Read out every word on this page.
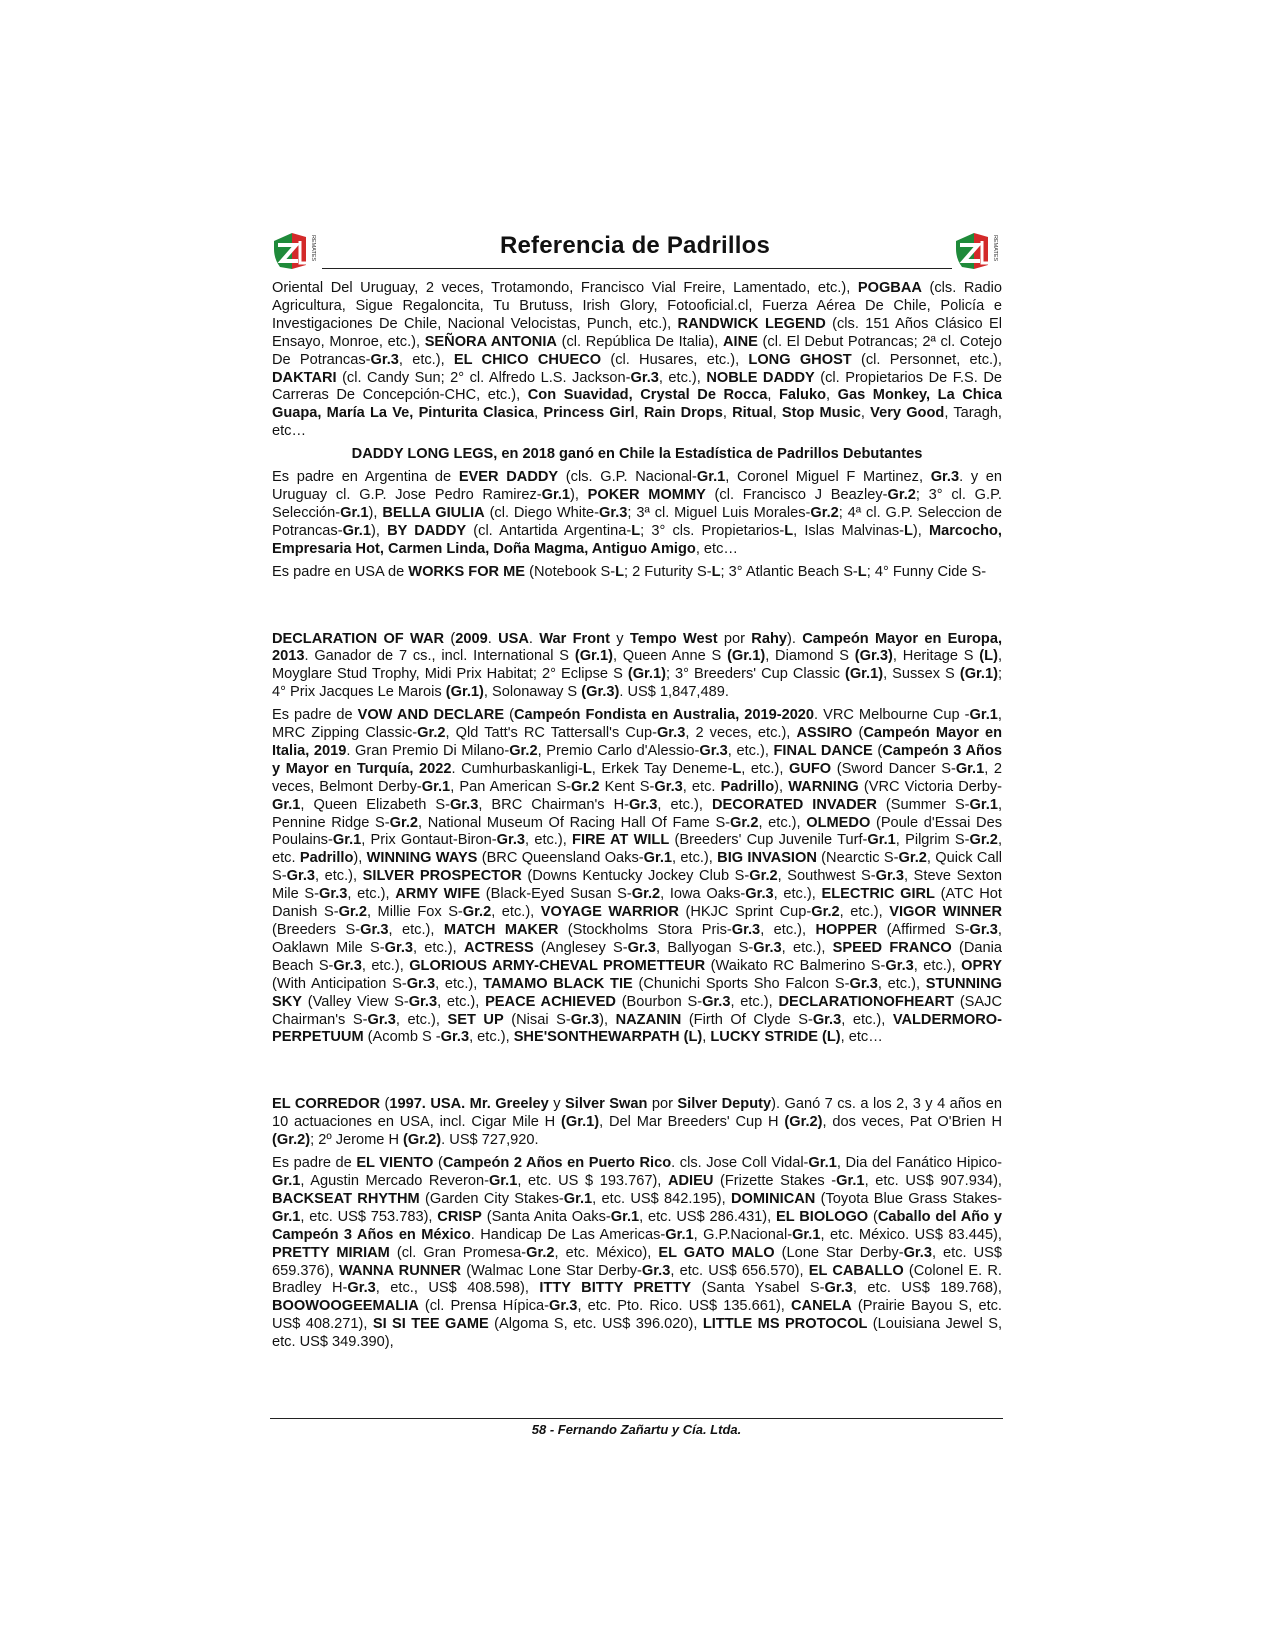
REMATES	Referencia de Padrillos	REMATES

Oriental Del Uruguay, 2 veces, Trotamondo, Francisco Vial Freire, Lamentado, etc.), POGBAA (cls. Radio Agricultura, Sigue Regaloncita, Tu Brutuss, Irish Glory, Fotooficial.cl, Fuerza Aérea De Chile, Policía e Investigaciones De Chile, Nacional Velocistas, Punch, etc.), RANDWICK LEGEND (cls. 151 Años Clásico El Ensayo, Monroe, etc.), SEÑORA ANTONIA (cl. República De Italia), AINE (cl. El Debut Potrancas; 2ª cl. Cotejo De Potrancas-Gr.3, etc.), EL CHICO CHUECO (cl. Husares, etc.), LONG GHOST (cl. Personnet, etc.), DAKTARI (cl. Candy Sun; 2° cl. Alfredo L.S. Jackson-Gr.3, etc.), NOBLE DADDY (cl. Propietarios De F.S. De Carreras De Concepción-CHC, etc.), Con Suavidad, Crystal De Rocca, Faluko, Gas Monkey, La Chica Guapa, María La Ve, Pinturita Clasica, Princess Girl, Rain Drops, Ritual, Stop Music, Very Good, Taragh, etc…

DADDY LONG LEGS, en 2018 ganó en Chile la Estadística de Padrillos Debutantes

Es padre en Argentina de EVER DADDY (cls. G.P. Nacional-Gr.1, Coronel Miguel F Martinez, Gr.3. y en Uruguay cl. G.P. Jose Pedro Ramirez-Gr.1), POKER MOMMY (cl. Francisco J Beazley-Gr.2; 3° cl. G.P. Selección-Gr.1), BELLA GIULIA (cl. Diego White-Gr.3; 3ª cl. Miguel Luis Morales-Gr.2; 4ª cl. G.P. Seleccion de Potrancas-Gr.1), BY DADDY (cl. Antartida Argentina-L; 3° cls. Propietarios-L, Islas Malvinas-L), Marcocho, Empresaria Hot, Carmen Linda, Doña Magma, Antiguo Amigo, etc…

Es padre en USA de WORKS FOR ME (Notebook S-L; 2 Futurity S-L; 3° Atlantic Beach S-L; 4° Funny Cide S-

DECLARATION OF WAR (2009. USA. War Front y Tempo West por Rahy). Campeón Mayor en Europa, 2013. Ganador de 7 cs., incl. International S (Gr.1), Queen Anne S (Gr.1), Diamond S (Gr.3), Heritage S (L), Moyglare Stud Trophy, Midi Prix Habitat; 2° Eclipse S (Gr.1); 3° Breeders' Cup Classic (Gr.1), Sussex S (Gr.1); 4° Prix Jacques Le Marois (Gr.1), Solonaway S (Gr.3). US$ 1,847,489.

Es padre de VOW AND DECLARE (Campeón Fondista en Australia, 2019-2020. VRC Melbourne Cup -Gr.1, MRC Zipping Classic-Gr.2, Qld Tatt's RC Tattersall's Cup-Gr.3, 2 veces, etc.), ASSIRO (Campeón Mayor en Italia, 2019. Gran Premio Di Milano-Gr.2, Premio Carlo d'Alessio-Gr.3, etc.), FINAL DANCE (Campeón 3 Años y Mayor en Turquía, 2022. Cumhurbaskanligi-L, Erkek Tay Deneme-L, etc.), GUFO (Sword Dancer S-Gr.1, 2 veces, Belmont Derby-Gr.1, Pan American S-Gr.2 Kent S-Gr.3, etc. Padrillo), WARNING (VRC Victoria Derby-Gr.1, Queen Elizabeth S-Gr.3, BRC Chairman's H-Gr.3, etc.), DECORATED INVADER (Summer S-Gr.1, Pennine Ridge S-Gr.2, National Museum Of Racing Hall Of Fame S-Gr.2, etc.), OLMEDO (Poule d'Essai Des Poulains-Gr.1, Prix Gontaut-Biron-Gr.3, etc.), FIRE AT WILL (Breeders' Cup Juvenile Turf-Gr.1, Pilgrim S-Gr.2, etc. Padrillo), WINNING WAYS (BRC Queensland Oaks-Gr.1, etc.), BIG INVASION (Nearctic S-Gr.2, Quick Call S-Gr.3, etc.), SILVER PROSPECTOR (Downs Kentucky Jockey Club S-Gr.2, Southwest S-Gr.3, Steve Sexton Mile S-Gr.3, etc.), ARMY WIFE (Black-Eyed Susan S-Gr.2, Iowa Oaks-Gr.3, etc.), ELECTRIC GIRL (ATC Hot Danish S-Gr.2, Millie Fox S-Gr.2, etc.), VOYAGE WARRIOR (HKJC Sprint Cup-Gr.2, etc.), VIGOR WINNER (Breeders S-Gr.3, etc.), MATCH MAKER (Stockholms Stora Pris-Gr.3, etc.), HOPPER (Affirmed S-Gr.3, Oaklawn Mile S-Gr.3, etc.), ACTRESS (Anglesey S-Gr.3, Ballyogan S-Gr.3, etc.), SPEED FRANCO (Dania Beach S-Gr.3, etc.), GLORIOUS ARMY-CHEVAL PROMETTEUR (Waikato RC Balmerino S-Gr.3, etc.), OPRY (With Anticipation S-Gr.3, etc.), TAMAMO BLACK TIE (Chunichi Sports Sho Falcon S-Gr.3, etc.), STUNNING SKY (Valley View S-Gr.3, etc.), PEACE ACHIEVED (Bourbon S-Gr.3, etc.), DECLARATIONOFHEART (SAJC Chairman's S-Gr.3, etc.), SET UP (Nisai S-Gr.3), NAZANIN (Firth Of Clyde S-Gr.3, etc.), VALDERMORO-PERPETUUM (Acomb S -Gr.3, etc.), SHE'SONTHEWARPATH (L), LUCKY STRIDE (L), etc…

EL CORREDOR (1997. USA. Mr. Greeley y Silver Swan por Silver Deputy). Ganó 7 cs. a los 2, 3 y 4 años en 10 actuaciones en USA, incl. Cigar Mile H (Gr.1), Del Mar Breeders' Cup H (Gr.2), dos veces, Pat O'Brien H (Gr.2); 2º Jerome H (Gr.2). US$ 727,920.

Es padre de EL VIENTO (Campeón 2 Años en Puerto Rico. cls. Jose Coll Vidal-Gr.1, Dia del Fanático Hipico-Gr.1, Agustin Mercado Reveron-Gr.1, etc. US $ 193.767), ADIEU (Frizette Stakes -Gr.1, etc. US$ 907.934), BACKSEAT RHYTHM (Garden City Stakes-Gr.1, etc. US$ 842.195), DOMINICAN (Toyota Blue Grass Stakes-Gr.1, etc. US$ 753.783), CRISP (Santa Anita Oaks-Gr.1, etc. US$ 286.431), EL BIOLOGO (Caballo del Año y Campeón 3 Años en México. Handicap De Las Americas-Gr.1, G.P.Nacional-Gr.1, etc. México. US$ 83.445), PRETTY MIRIAM (cl. Gran Promesa-Gr.2, etc. México), EL GATO MALO (Lone Star Derby-Gr.3, etc. US$ 659.376), WANNA RUNNER (Walmac Lone Star Derby-Gr.3, etc. US$ 656.570), EL CABALLO (Colonel E. R. Bradley H-Gr.3, etc., US$ 408.598), ITTY BITTY PRETTY (Santa Ysabel S-Gr.3, etc. US$ 189.768), BOOWOOGEEMALIA (cl. Prensa Hípica-Gr.3, etc. Pto. Rico. US$ 135.661), CANELA (Prairie Bayou S, etc. US$ 408.271), SI SI TEE GAME (Algoma S, etc. US$ 396.020), LITTLE MS PROTOCOL (Louisiana Jewel S, etc. US$ 349.390),

58 - Fernando Zañartu y Cía. Ltda.
